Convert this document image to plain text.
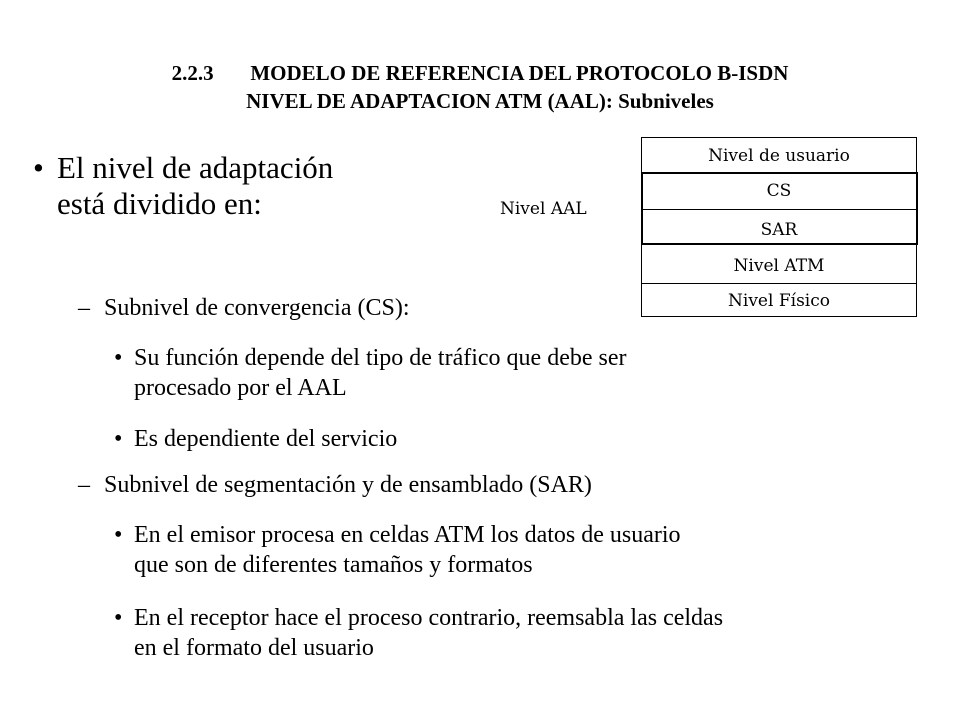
2.2.3       MODELO DE REFERENCIA DEL PROTOCOLO B-ISDN
NIVEL DE ADAPTACION ATM (AAL): Subniveles
• El nivel de adaptación
está dividido en:
– Subnivel de convergencia (CS):
• Su función depende del tipo de tráfico que debe ser
procesado por el AAL
• Es dependiente del servicio
– Subnivel de segmentación y de ensamblado (SAR)
• En el emisor procesa en celdas ATM los datos de usuario
que son de diferentes tamaños y formatos
• En el receptor hace el proceso contrario, reemsabla las celdas
en el formato del usuario
Nivel de usuario
CS
SAR
Nivel ATM
Nivel Físico
Nivel AAL
